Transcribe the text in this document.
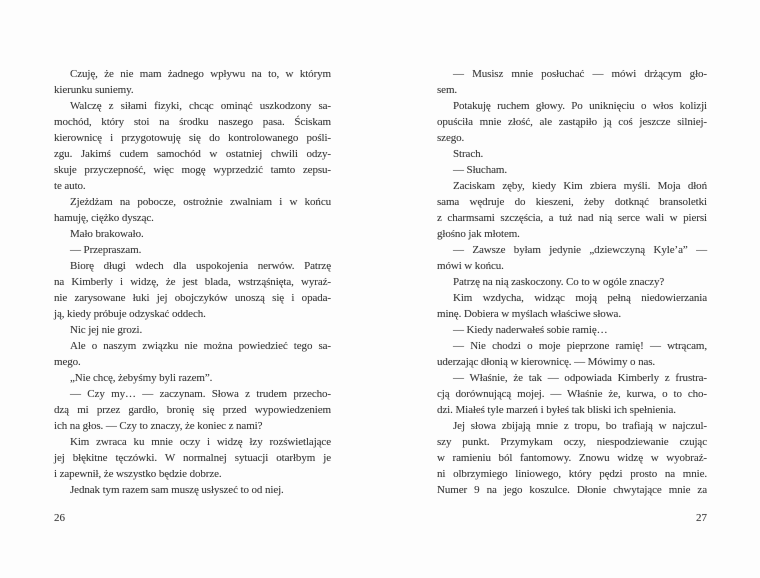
Czuję, że nie mam żadnego wpływu na to, w którym
kierunku suniemy.

Walczę z siłami fizyki, chcąc ominąć uszkodzony sa-
mochód, który stoi na środku naszego pasa. Ściskam
kierownicę i przygotowuję się do kontrolowanego pośli-
zgu. Jakimś cudem samochód w ostatniej chwili odzy-
skuje przyczepność, więc mogę wyprzedzić tamto zepsu-
te auto.

Zjeżdżam na pobocze, ostrożnie zwalniam i w końcu
hamuję, ciężko dysząc.

Mało brakowało.

— Przepraszam.

Biorę długi wdech dla uspokojenia nerwów. Patrzę
na Kimberly i widzę, że jest blada, wstrząśnięta, wyraź-
nie zarysowane łuki jej obojczyków unoszą się i opada-
ją, kiedy próbuje odzyskać oddech.

Nic jej nie grozi.

Ale o naszym związku nie można powiedzieć tego sa-
mego.

„Nie chcę, żebyśmy byli razem”.

— Czy my… — zaczynam. Słowa z trudem przecho-
dzą mi przez gardło, bronię się przed wypowiedzeniem
ich na głos. — Czy to znaczy, że koniec z nami?

Kim zwraca ku mnie oczy i widzę łzy rozświetlające
jej błękitne tęczówki. W normalnej sytuacji otarłbym je
i zapewnił, że wszystko będzie dobrze.

Jednak tym razem sam muszę usłyszeć to od niej.

26

— Musisz mnie posłuchać — mówi drżącym gło-
sem.

Potakuję ruchem głowy. Po uniknięciu o włos kolizji
opuściła mnie złość, ale zastąpiło ją coś jeszcze silniej-
szego.

Strach.

— Słucham.

Zaciskam zęby, kiedy Kim zbiera myśli. Moja dłoń
sama wędruje do kieszeni, żeby dotknąć bransoletki
z charmsami szczęścia, a tuż nad nią serce wali w piersi
głośno jak młotem.

— Zawsze byłam jedynie „dziewczyną Kyle’a” —
mówi w końcu.

Patrzę na nią zaskoczony. Co to w ogóle znaczy?

Kim wzdycha, widząc moją pełną niedowierzania
minę. Dobiera w myślach właściwe słowa.

— Kiedy naderwałeś sobie ramię…

— Nie chodzi o moje pieprzone ramię! — wtrącam,
uderzając dłonią w kierownicę. — Mówimy o nas.

— Właśnie, że tak — odpowiada Kimberly z frustra-
cją dorównującą mojej. — Właśnie że, kurwa, o to cho-
dzi. Miałeś tyle marzeń i byłeś tak bliski ich spełnienia.

Jej słowa zbijają mnie z tropu, bo trafiają w najczul-
szy punkt. Przymykam oczy, niespodziewanie czując
w ramieniu ból fantomowy. Znowu widzę w wyobraź-
ni olbrzymiego liniowego, który pędzi prosto na mnie.
Numer 9 na jego koszulce. Dłonie chwytające mnie za

27
